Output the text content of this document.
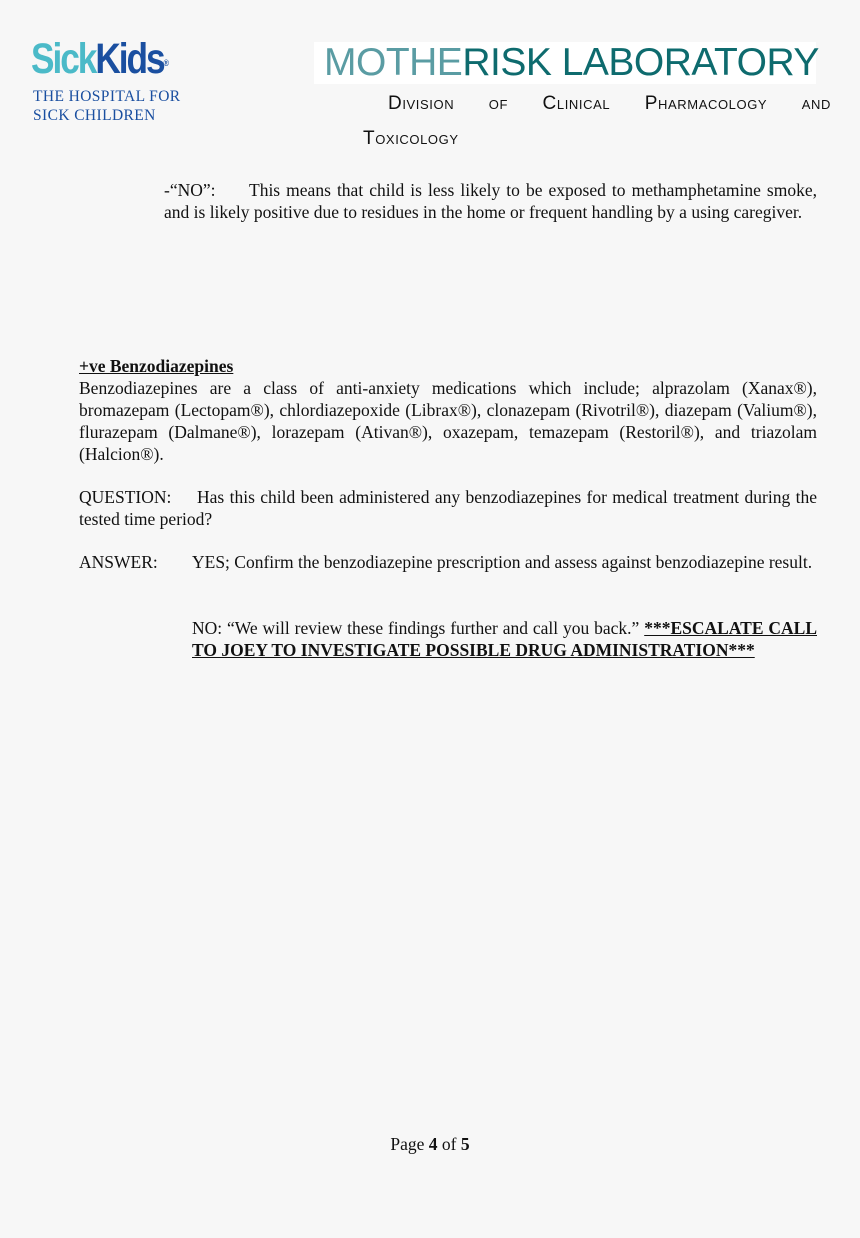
SickKids®
THE HOSPITAL FOR
SICK CHILDREN
MOTHERISK LABORATORY
Division of Clinical Pharmacology and
Toxicology
-“NO”: This means that child is less likely to be exposed to methamphetamine smoke, and is likely positive due to residues in the home or frequent handling by a using caregiver.
+ve Benzodiazepines
Benzodiazepines are a class of anti-anxiety medications which include; alprazolam (Xanax®), bromazepam (Lectopam®), chlordiazepoxide (Librax®), clonazepam (Rivotril®), diazepam (Valium®), flurazepam (Dalmane®), lorazepam (Ativan®), oxazepam, temazepam (Restoril®), and triazolam (Halcion®).
QUESTION: Has this child been administered any benzodiazepines for medical treatment during the tested time period?
ANSWER: YES; Confirm the benzodiazepine prescription and assess against benzodiazepine result.
NO: “We will review these findings further and call you back.” ***ESCALATE CALL TO JOEY TO INVESTIGATE POSSIBLE DRUG ADMINISTRATION***
Page 4 of 5
